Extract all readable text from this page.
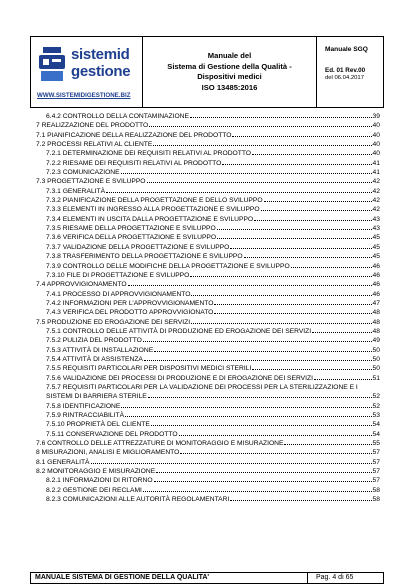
sistemid
gestione
WWW.SISTEMIDIGESTIONE.BIZ
Manuale del
Sistema di Gestione della Qualità -
Dispositivi medici
ISO 13485:2016
Manuale SGQ
Ed. 01 Rev.00
del 06.04.2017
6.4.2 CONTROLLO DELLA CONTAMINAZIONE	39
7 REALIZZAZIONE DEL PRODOTTO	40
7.1 PIANIFICAZIONE DELLA REALIZZAZIONE DEL PRODOTTO	40
7.2 PROCESSI RELATIVI AL CLIENTE	40
7.2.1 DETERMINAZIONE DEI REQUISITI RELATIVI AL PRODOTTO	40
7.2.2 RIESAME DEI REQUISITI RELATIVI AL PRODOTTO	41
7.2.3 COMUNICAZIONE	41
7.3 PROGETTAZIONE E SVILUPPO	42
7.3.1 GENERALITÀ	42
7.3.2 PIANIFICAZIONE DELLA PROGETTAZIONE E DELLO SVILUPPO	42
7.3.3 ELEMENTI IN INGRESSO ALLA PROGETTAZIONE E SVILUPPO	42
7.3.4 ELEMENTI IN USCITA DALLA PROGETTAZIONE E SVILUPPO	43
7.3.5 RIESAME DELLA PROGETTAZIONE E SVILUPPO	43
7.3.6 VERIFICA DELLA PROGETTAZIONE E SVILUPPO	45
7.3.7 VALIDAZIONE DELLA PROGETTAZIONE E SVILUPPO	45
7.3.8 TRASFERIMENTO DELLA PROGETTAZIONE E SVILUPPO	45
7.3.9 CONTROLLO DELLE MODIFICHE DELLA PROGETTAZIONE E SVILUPPO	46
7.3.10 FILE DI PROGETTAZIONE E SVILUPPO	46
7.4 APPROVVIGIONAMENTO	46
7.4.1 PROCESSO DI APPROVVIGIONAMENTO	46
7.4.2 INFORMAZIONI PER L’APPROVVIGIONAMENTO	47
7.4.3 VERIFICA DEL PRODOTTO APPROVVIGIONATO	48
7.5 PRODUZIONE ED EROGAZIONE DEI SERVIZI	48
7.5.1 CONTROLLO DELLE ATTIVITÀ DI PRODUZIONE ED EROGAZIONE DEI SERVIZI	48
7.5.2 PULIZIA DEL PRODOTTO	49
7.5.3 ATTIVITÀ DI INSTALLAZIONE	50
7.5.4 ATTIVITÀ DI ASSISTENZA	50
7.5.5 REQUISITI PARTICOLARI PER DISPOSITIVI MEDICI STERILI	50
7.5.6 VALIDAZIONE DEI PROCESSI DI PRODUZIONE E DI EROGAZIONE DEI SERVIZI	51
7.5.7 REQUISITI PARTICOLARI PER LA VALIDAZIONE DEI PROCESSI PER LA STERILIZZAZIONE E I
SISTEMI DI BARRIERA STERILE	52
7.5.8 IDENTIFICAZIONE	52
7.5.9 RINTRACCIABILITÀ	53
7.5.10 PROPRIETÀ DEL CLIENTE	54
7.5.11 CONSERVAZIONE DEL PRODOTTO	54
7.6 CONTROLLO DELLE ATTREZZATURE DI MONITORAGGIO E MISURAZIONE	55
8 MISURAZIONI, ANALISI E MIGLIORAMENTO	57
8.1 GENERALITÀ	57
8.2 MONITORAGGIO E MISURAZIONE	57
8.2.1 INFORMAZIONI DI RITORNO	57
8.2.2 GESTIONE DEI RECLAMI	58
8.2.3 COMUNICAZIONI ALLE AUTORITÀ REGOLAMENTARI	58
MANUALE SISTEMA DI GESTIONE DELLA QUALITA'	Pag. 4 di 65
